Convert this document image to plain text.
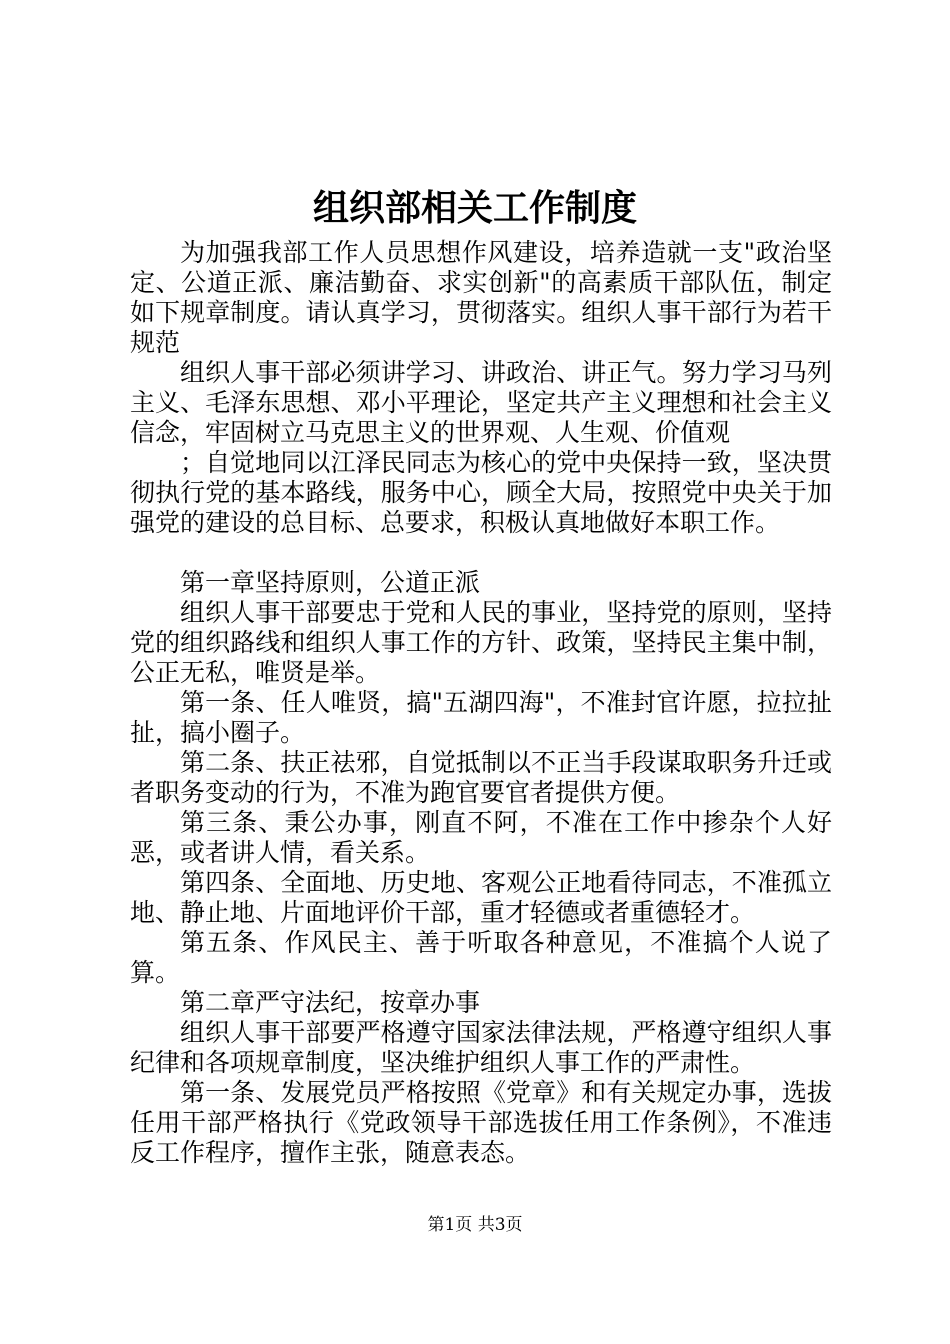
组织部相关工作制度

为加强我部工作人员思想作风建设，培养造就一支"政治坚定、公道正派、廉洁勤奋、求实创新"的高素质干部队伍，制定如下规章制度。请认真学习，贯彻落实。组织人事干部行为若干规范

组织人事干部必须讲学习、讲政治、讲正气。努力学习马列主义、毛泽东思想、邓小平理论，坚定共产主义理想和社会主义信念，牢固树立马克思主义的世界观、人生观、价值观

；自觉地同以江泽民同志为核心的党中央保持一致，坚决贯彻执行党的基本路线，服务中心，顾全大局，按照党中央关于加强党的建设的总目标、总要求，积极认真地做好本职工作。

第一章坚持原则，公道正派

组织人事干部要忠于党和人民的事业，坚持党的原则，坚持党的组织路线和组织人事工作的方针、政策，坚持民主集中制，公正无私，唯贤是举。

第一条、任人唯贤，搞"五湖四海"，不准封官许愿，拉拉扯扯，搞小圈子。

第二条、扶正祛邪，自觉抵制以不正当手段谋取职务升迁或者职务变动的行为，不准为跑官要官者提供方便。

第三条、秉公办事，刚直不阿，不准在工作中掺杂个人好恶，或者讲人情，看关系。

第四条、全面地、历史地、客观公正地看待同志，不准孤立地、静止地、片面地评价干部，重才轻德或者重德轻才。

第五条、作风民主、善于听取各种意见，不准搞个人说了算。

第二章严守法纪，按章办事

组织人事干部要严格遵守国家法律法规，严格遵守组织人事纪律和各项规章制度，坚决维护组织人事工作的严肃性。

第一条、发展党员严格按照《党章》和有关规定办事，选拔任用干部严格执行《党政领导干部选拔任用工作条例》，不准违反工作程序，擅作主张，随意表态。

第1页 共3页
